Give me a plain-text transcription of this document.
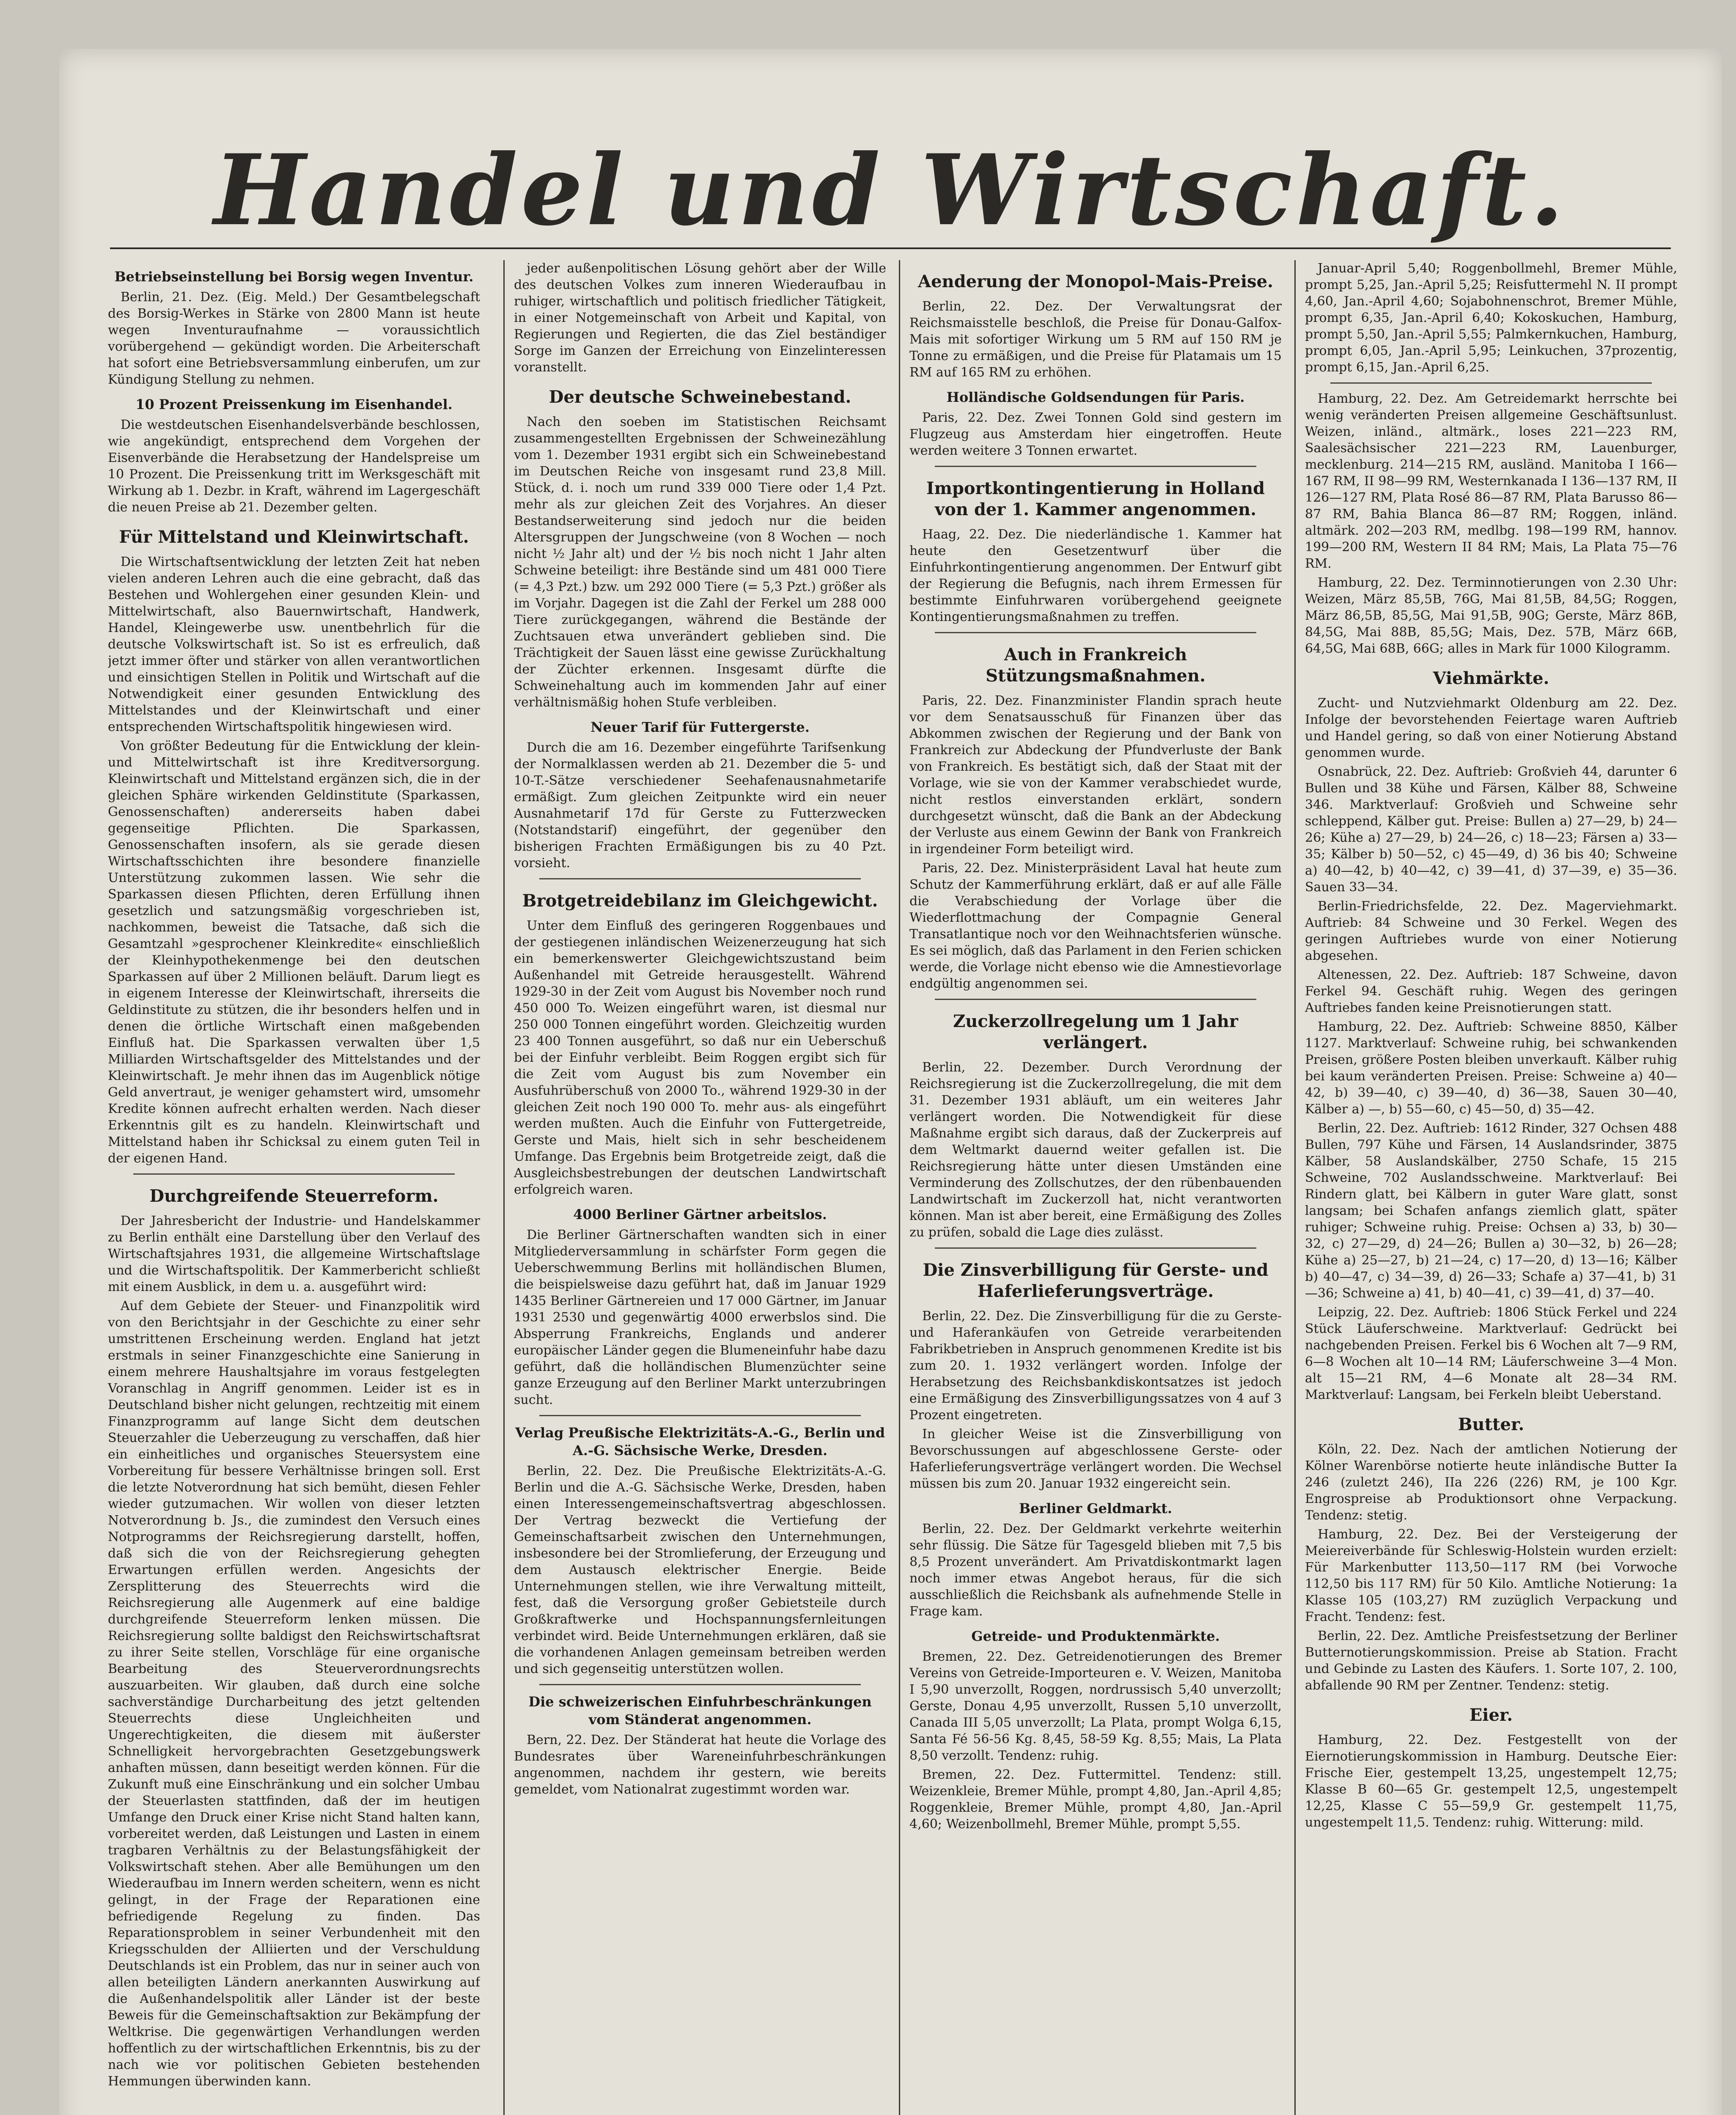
Handel und Wirtschaft.
Betriebseinstellung bei Borsig wegen Inventur.

Berlin, 21. Dez. (Eig. Meld.) Der Gesamtbelegschaft des Borsig-Werkes in Stärke von 2800 Mann ist heute wegen Inventuraufnahme — voraussichtlich vorübergehend — gekündigt worden. Die Arbeiterschaft hat sofort eine Betriebsversammlung einberufen, um zur Kündigung Stellung zu nehmen.

10 Prozent Preissenkung im Eisenhandel.

Die westdeutschen Eisenhandelsverbände beschlossen, wie angekündigt, entsprechend dem Vorgehen der Eisenverbände die Herabsetzung der Handelspreise um 10 Prozent. Die Preissenkung tritt im Werksgeschäft mit Wirkung ab 1. Dezbr. in Kraft, während im Lagergeschäft die neuen Preise ab 21. Dezember gelten.

Für Mittelstand und Kleinwirtschaft.

Die Wirtschaftsentwicklung der letzten Zeit hat neben vielen anderen Lehren auch die eine gebracht, daß das Bestehen und Wohlergehen einer gesunden Klein- und Mittelwirtschaft, also Bauernwirtschaft, Handwerk, Handel, Kleingewerbe usw. unentbehrlich für die deutsche Volkswirtschaft ist. So ist es erfreulich, daß jetzt immer öfter und stärker von allen verantwortlichen und einsichtigen Stellen in Politik und Wirtschaft auf die Notwendigkeit einer gesunden Entwicklung des Mittelstandes und der Kleinwirtschaft und einer entsprechenden Wirtschaftspolitik hingewiesen wird.

Von größter Bedeutung für die Entwicklung der klein- und Mittelwirtschaft ist ihre Kreditversorgung. Kleinwirtschaft und Mittelstand ergänzen sich, die in der gleichen Sphäre wirkenden Geldinstitute (Sparkassen, Genossenschaften) andererseits haben dabei gegenseitige Pflichten. Die Sparkassen, Genossenschaften insofern, als sie gerade diesen Wirtschaftsschichten ihre besondere finanzielle Unterstützung zukommen lassen. Wie sehr die Sparkassen diesen Pflichten, deren Erfüllung ihnen gesetzlich und satzungsmäßig vorgeschrieben ist, nachkommen, beweist die Tatsache, daß sich die Gesamtzahl »gesprochener Kleinkredite« einschließlich der Kleinhypothekenmenge bei den deutschen Sparkassen auf über 2 Millionen beläuft. Darum liegt es in eigenem Interesse der Kleinwirtschaft, ihrerseits die Geldinstitute zu stützen, die ihr besonders helfen und in denen die örtliche Wirtschaft einen maßgebenden Einfluß hat. Die Sparkassen verwalten über 1,5 Milliarden Wirtschaftsgelder des Mittelstandes und der Kleinwirtschaft. Je mehr ihnen das im Augenblick nötige Geld anvertraut, je weniger gehamstert wird, umsomehr Kredite können aufrecht erhalten werden. Nach dieser Erkenntnis gilt es zu handeln. Kleinwirtschaft und Mittelstand haben ihr Schicksal zu einem guten Teil in der eigenen Hand.

Durchgreifende Steuerreform.

Der Jahresbericht der Industrie- und Handelskammer zu Berlin enthält eine Darstellung über den Verlauf des Wirtschaftsjahres 1931, die allgemeine Wirtschaftslage und die Wirtschaftspolitik. Der Kammerbericht schließt mit einem Ausblick, in dem u. a. ausgeführt wird:

Auf dem Gebiete der Steuer- und Finanzpolitik wird von den Berichtsjahr in der Geschichte zu einer sehr umstrittenen Erscheinung werden. England hat jetzt erstmals in seiner Finanzgeschichte eine Sanierung in einem mehrere Haushaltsjahre im voraus festgelegten Voranschlag in Angriff genommen. Leider ist es in Deutschland bisher nicht gelungen, rechtzeitig mit einem Finanzprogramm auf lange Sicht dem deutschen Steuerzahler die Ueberzeugung zu verschaffen, daß hier ein einheitliches und organisches Steuersystem eine Vorbereitung für bessere Verhältnisse bringen soll. Erst die letzte Notverordnung hat sich bemüht, diesen Fehler wieder gutzumachen. Wir wollen von dieser letzten Notverordnung b. Js., die zumindest den Versuch eines Notprogramms der Reichsregierung darstellt, hoffen, daß sich die von der Reichsregierung gehegten Erwartungen erfüllen werden. Angesichts der Zersplitterung des Steuerrechts wird die Reichsregierung alle Augenmerk auf eine baldige durchgreifende Steuerreform lenken müssen. Die Reichsregierung sollte baldigst den Reichswirtschaftsrat zu ihrer Seite stellen, Vorschläge für eine organische Bearbeitung des Steuerverordnungsrechts auszuarbeiten. Wir glauben, daß durch eine solche sachverständige Durcharbeitung des jetzt geltenden Steuerrechts diese Ungleichheiten und Ungerechtigkeiten, die diesem mit äußerster Schnelligkeit hervorgebrachten Gesetzgebungswerk anhaften müssen, dann beseitigt werden können. Für die Zukunft muß eine Einschränkung und ein solcher Umbau der Steuerlasten stattfinden, daß der im heutigen Umfange den Druck einer Krise nicht Stand halten kann, vorbereitet werden, daß Leistungen und Lasten in einem tragbaren Verhältnis zu der Belastungsfähigkeit der Volkswirtschaft stehen. Aber alle Bemühungen um den Wiederaufbau im Innern werden scheitern, wenn es nicht gelingt, in der Frage der Reparationen eine befriedigende Regelung zu finden. Das Reparationsproblem in seiner Verbundenheit mit den Kriegsschulden der Alliierten und der Verschuldung Deutschlands ist ein Problem, das nur in seiner auch von allen beteiligten Ländern anerkannten Auswirkung auf die Außenhandelspolitik aller Länder ist der beste Beweis für die Gemeinschaftsaktion zur Bekämpfung der Weltkrise. Die gegenwärtigen Verhandlungen werden hoffentlich zu der wirtschaftlichen Erkenntnis, bis zu der nach wie vor politischen Gebieten bestehenden Hemmungen überwinden kann.

jeder außenpolitischen Lösung gehört aber der Wille des deutschen Volkes zum inneren Wiederaufbau in ruhiger, wirtschaftlich und politisch friedlicher Tätigkeit, in einer Notgemeinschaft von Arbeit und Kapital, von Regierungen und Regierten, die das Ziel beständiger Sorge im Ganzen der Erreichung von Einzelinteressen voranstellt.

Der deutsche Schweinebestand.

Nach den soeben im Statistischen Reichsamt zusammengestellten Ergebnissen der Schweinezählung vom 1. Dezember 1931 ergibt sich ein Schweinebestand im Deutschen Reiche von insgesamt rund 23,8 Mill. Stück, d. i. noch um rund 339 000 Tiere oder 1,4 Pzt. mehr als zur gleichen Zeit des Vorjahres. An dieser Bestandserweiterung sind jedoch nur die beiden Altersgruppen der Jungschweine (von 8 Wochen — noch nicht ½ Jahr alt) und der ½ bis noch nicht 1 Jahr alten Schweine beteiligt: ihre Bestände sind um 481 000 Tiere (= 4,3 Pzt.) bzw. um 292 000 Tiere (= 5,3 Pzt.) größer als im Vorjahr. Dagegen ist die Zahl der Ferkel um 288 000 Tiere zurückgegangen, während die Bestände der Zuchtsauen etwa unverändert geblieben sind. Die Trächtigkeit der Sauen lässt eine gewisse Zurückhaltung der Züchter erkennen. Insgesamt dürfte die Schweinehaltung auch im kommenden Jahr auf einer verhältnismäßig hohen Stufe verbleiben.

Neuer Tarif für Futtergerste.

Durch die am 16. Dezember eingeführte Tarifsenkung der Normalklassen werden ab 21. Dezember die 5- und 10-T.-Sätze verschiedener Seehafenausnahmetarife ermäßigt. Zum gleichen Zeitpunkte wird ein neuer Ausnahmetarif 17d für Gerste zu Futterzwecken (Notstandstarif) eingeführt, der gegenüber den bisherigen Frachten Ermäßigungen bis zu 40 Pzt. vorsieht.

Brotgetreidebilanz im Gleichgewicht.

Unter dem Einfluß des geringeren Roggenbaues und der gestiegenen inländischen Weizenerzeugung hat sich ein bemerkenswerter Gleichgewichtszustand beim Außenhandel mit Getreide herausgestellt. Während 1929-30 in der Zeit vom August bis November noch rund 450 000 To. Weizen eingeführt waren, ist diesmal nur 250 000 Tonnen eingeführt worden. Gleichzeitig wurden 23 400 Tonnen ausgeführt, so daß nur ein Ueberschuß bei der Einfuhr verbleibt. Beim Roggen ergibt sich für die Zeit vom August bis zum November ein Ausfuhrüberschuß von 2000 To., während 1929-30 in der gleichen Zeit noch 190 000 To. mehr aus- als eingeführt werden mußten. Auch die Einfuhr von Futtergetreide, Gerste und Mais, hielt sich in sehr bescheidenem Umfange. Das Ergebnis beim Brotgetreide zeigt, daß die Ausgleichsbestrebungen der deutschen Landwirtschaft erfolgreich waren.

4000 Berliner Gärtner arbeitslos.

Die Berliner Gärtnerschaften wandten sich in einer Mitgliederversammlung in schärfster Form gegen die Ueberschwemmung Berlins mit holländischen Blumen, die beispielsweise dazu geführt hat, daß im Januar 1929 1435 Berliner Gärtnereien und 17 000 Gärtner, im Januar 1931 2530 und gegenwärtig 4000 erwerbslos sind. Die Absperrung Frankreichs, Englands und anderer europäischer Länder gegen die Blumeneinfuhr habe dazu geführt, daß die holländischen Blumenzüchter seine ganze Erzeugung auf den Berliner Markt unterzubringen sucht.

Verlag Preußische Elektrizitäts-A.-G., Berlin und A.-G. Sächsische Werke, Dresden.

Berlin, 22. Dez. Die Preußische Elektrizitäts-A.-G. Berlin und die A.-G. Sächsische Werke, Dresden, haben einen Interessengemeinschaftsvertrag abgeschlossen. Der Vertrag bezweckt die Vertiefung der Gemeinschaftsarbeit zwischen den Unternehmungen, insbesondere bei der Stromlieferung, der Erzeugung und dem Austausch elektrischer Energie. Beide Unternehmungen stellen, wie ihre Verwaltung mitteilt, fest, daß die Versorgung großer Gebietsteile durch Großkraftwerke und Hochspannungsfernleitungen verbindet wird. Beide Unternehmungen erklären, daß sie die vorhandenen Anlagen gemeinsam betreiben werden und sich gegenseitig unterstützen wollen.

Die schweizerischen Einfuhrbeschränkungen vom Ständerat angenommen.

Bern, 22. Dez. Der Ständerat hat heute die Vorlage des Bundesrates über Wareneinfuhrbeschränkungen angenommen, nachdem ihr gestern, wie bereits gemeldet, vom Nationalrat zugestimmt worden war.

Aenderung der Monopol-Mais-Preise.

Berlin, 22. Dez. Der Verwaltungsrat der Reichsmaisstelle beschloß, die Preise für Donau-Galfox-Mais mit sofortiger Wirkung um 5 RM auf 150 RM je Tonne zu ermäßigen, und die Preise für Platamais um 15 RM auf 165 RM zu erhöhen.

Holländische Goldsendungen für Paris.

Paris, 22. Dez. Zwei Tonnen Gold sind gestern im Flugzeug aus Amsterdam hier eingetroffen. Heute werden weitere 3 Tonnen erwartet.

Importkontingentierung in Holland von der 1. Kammer angenommen.

Haag, 22. Dez. Die niederländische 1. Kammer hat heute den Gesetzentwurf über die Einfuhrkontingentierung angenommen. Der Entwurf gibt der Regierung die Befugnis, nach ihrem Ermessen für bestimmte Einfuhrwaren vorübergehend geeignete Kontingentierungsmaßnahmen zu treffen.

Auch in Frankreich Stützungsmaßnahmen.

Paris, 22. Dez. Finanzminister Flandin sprach heute vor dem Senatsausschuß für Finanzen über das Abkommen zwischen der Regierung und der Bank von Frankreich zur Abdeckung der Pfundverluste der Bank von Frankreich. Es bestätigt sich, daß der Staat mit der Vorlage, wie sie von der Kammer verabschiedet wurde, nicht restlos einverstanden erklärt, sondern durchgesetzt wünscht, daß die Bank an der Abdeckung der Verluste aus einem Gewinn der Bank von Frankreich in irgendeiner Form beteiligt wird.

Paris, 22. Dez. Ministerpräsident Laval hat heute zum Schutz der Kammerführung erklärt, daß er auf alle Fälle die Verabschiedung der Vorlage über die Wiederflottmachung der Compagnie General Transatlantique noch vor den Weihnachtsferien wünsche. Es sei möglich, daß das Parlament in den Ferien schicken werde, die Vorlage nicht ebenso wie die Amnestievorlage endgültig angenommen sei.

Zuckerzollregelung um 1 Jahr verlängert.

Berlin, 22. Dezember. Durch Verordnung der Reichsregierung ist die Zuckerzollregelung, die mit dem 31. Dezember 1931 abläuft, um ein weiteres Jahr verlängert worden. Die Notwendigkeit für diese Maßnahme ergibt sich daraus, daß der Zuckerpreis auf dem Weltmarkt dauernd weiter gefallen ist. Die Reichsregierung hätte unter diesen Umständen eine Verminderung des Zollschutzes, der den rübenbauenden Landwirtschaft im Zuckerzoll hat, nicht verantworten können. Man ist aber bereit, eine Ermäßigung des Zolles zu prüfen, sobald die Lage dies zulässt.

Die Zinsverbilligung für Gerste- und Haferlieferungsverträge.

Berlin, 22. Dez. Die Zinsverbilligung für die zu Gerste- und Haferankäufen von Getreide verarbeitenden Fabrikbetrieben in Anspruch genommenen Kredite ist bis zum 20. 1. 1932 verlängert worden. Infolge der Herabsetzung des Reichsbankdiskontsatzes ist jedoch eine Ermäßigung des Zinsverbilligungssatzes von 4 auf 3 Prozent eingetreten.

In gleicher Weise ist die Zinsverbilligung von Bevorschussungen auf abgeschlossene Gerste- oder Haferlieferungsverträge verlängert worden. Die Wechsel müssen bis zum 20. Januar 1932 eingereicht sein.

Berliner Geldmarkt.

Berlin, 22. Dez. Der Geldmarkt verkehrte weiterhin sehr flüssig. Die Sätze für Tagesgeld blieben mit 7,5 bis 8,5 Prozent unverändert. Am Privatdiskontmarkt lagen noch immer etwas Angebot heraus, für die sich ausschließlich die Reichsbank als aufnehmende Stelle in Frage kam.

Getreide- und Produktenmärkte.

Bremen, 22. Dez. Getreidenotierungen des Bremer Vereins von Getreide-Importeuren e. V. Weizen, Manitoba I 5,90 unverzollt, Roggen, nordrussisch 5,40 unverzollt; Gerste, Donau 4,95 unverzollt, Russen 5,10 unverzollt, Canada III 5,05 unverzollt; La Plata, prompt Wolga 6,15, Santa Fé 56-56 Kg. 8,45, 58-59 Kg. 8,55; Mais, La Plata 8,50 verzollt. Tendenz: ruhig.

Bremen, 22. Dez. Futtermittel. Tendenz: still. Weizenkleie, Bremer Mühle, prompt 4,80, Jan.-April 4,85; Roggenkleie, Bremer Mühle, prompt 4,80, Jan.-April 4,60; Weizenbollmehl, Bremer Mühle, prompt 5,55.

Januar-April 5,40; Roggenbollmehl, Bremer Mühle, prompt 5,25, Jan.-April 5,25; Reisfuttermehl N. II prompt 4,60, Jan.-April 4,60; Sojabohnenschrot, Bremer Mühle, prompt 6,35, Jan.-April 6,40; Kokoskuchen, Hamburg, prompt 5,50, Jan.-April 5,55; Palmkernkuchen, Hamburg, prompt 6,05, Jan.-April 5,95; Leinkuchen, 37prozentig, prompt 6,15, Jan.-April 6,25.

Hamburg, 22. Dez. Am Getreidemarkt herrschte bei wenig veränderten Preisen allgemeine Geschäftsunlust. Weizen, inländ., altmärk., loses 221—223 RM, Saalesächsischer 221—223 RM, Lauenburger, mecklenburg. 214—215 RM, ausländ. Manitoba I 166—167 RM, II 98—99 RM, Westernkanada I 136—137 RM, II 126—127 RM, Plata Rosé 86—87 RM, Plata Barusso 86—87 RM, Bahia Blanca 86—87 RM; Roggen, inländ. altmärk. 202—203 RM, medlbg. 198—199 RM, hannov. 199—200 RM, Western II 84 RM; Mais, La Plata 75—76 RM.

Hamburg, 22. Dez. Terminnotierungen von 2.30 Uhr: Weizen, März 85,5B, 76G, Mai 81,5B, 84,5G; Roggen, März 86,5B, 85,5G, Mai 91,5B, 90G; Gerste, März 86B, 84,5G, Mai 88B, 85,5G; Mais, Dez. 57B, März 66B, 64,5G, Mai 68B, 66G; alles in Mark für 1000 Kilogramm.

Viehmärkte.

Zucht- und Nutzviehmarkt Oldenburg am 22. Dez. Infolge der bevorstehenden Feiertage waren Auftrieb und Handel gering, so daß von einer Notierung Abstand genommen wurde.

Osnabrück, 22. Dez. Auftrieb: Großvieh 44, darunter 6 Bullen und 38 Kühe und Färsen, Kälber 88, Schweine 346. Marktverlauf: Großvieh und Schweine sehr schleppend, Kälber gut. Preise: Bullen a) 27—29, b) 24—26; Kühe a) 27—29, b) 24—26, c) 18—23; Färsen a) 33—35; Kälber b) 50—52, c) 45—49, d) 36 bis 40; Schweine a) 40—42, b) 40—42, c) 39—41, d) 37—39, e) 35—36. Sauen 33—34.

Berlin-Friedrichsfelde, 22. Dez. Magerviehmarkt. Auftrieb: 84 Schweine und 30 Ferkel. Wegen des geringen Auftriebes wurde von einer Notierung abgesehen.

Altenessen, 22. Dez. Auftrieb: 187 Schweine, davon Ferkel 94. Geschäft ruhig. Wegen des geringen Auftriebes fanden keine Preisnotierungen statt.

Hamburg, 22. Dez. Auftrieb: Schweine 8850, Kälber 1127. Marktverlauf: Schweine ruhig, bei schwankenden Preisen, größere Posten bleiben unverkauft. Kälber ruhig bei kaum veränderten Preisen. Preise: Schweine a) 40—42, b) 39—40, c) 39—40, d) 36—38, Sauen 30—40, Kälber a) —, b) 55—60, c) 45—50, d) 35—42.

Berlin, 22. Dez. Auftrieb: 1612 Rinder, 327 Ochsen 488 Bullen, 797 Kühe und Färsen, 14 Auslandsrinder, 3875 Kälber, 58 Auslandskälber, 2750 Schafe, 15 215 Schweine, 702 Auslandsschweine. Marktverlauf: Bei Rindern glatt, bei Kälbern in guter Ware glatt, sonst langsam; bei Schafen anfangs ziemlich glatt, später ruhiger; Schweine ruhig. Preise: Ochsen a) 33, b) 30—32, c) 27—29, d) 24—26; Bullen a) 30—32, b) 26—28; Kühe a) 25—27, b) 21—24, c) 17—20, d) 13—16; Kälber b) 40—47, c) 34—39, d) 26—33; Schafe a) 37—41, b) 31—36; Schweine a) 41, b) 40—41, c) 39—41, d) 37—40.

Leipzig, 22. Dez. Auftrieb: 1806 Stück Ferkel und 224 Stück Läuferschweine. Marktverlauf: Gedrückt bei nachgebenden Preisen. Ferkel bis 6 Wochen alt 7—9 RM, 6—8 Wochen alt 10—14 RM; Läuferschweine 3—4 Mon. alt 15—21 RM, 4—6 Monate alt 28—34 RM. Marktverlauf: Langsam, bei Ferkeln bleibt Ueberstand.

Butter.

Köln, 22. Dez. Nach der amtlichen Notierung der Kölner Warenbörse notierte heute inländische Butter Ia 246 (zuletzt 246), IIa 226 (226) RM, je 100 Kgr. Engrospreise ab Produktionsort ohne Verpackung. Tendenz: stetig.

Hamburg, 22. Dez. Bei der Versteigerung der Meiereiverbände für Schleswig-Holstein wurden erzielt: Für Markenbutter 113,50—117 RM (bei Vorwoche 112,50 bis 117 RM) für 50 Kilo. Amtliche Notierung: 1a Klasse 105 (103,27) RM zuzüglich Verpackung und Fracht. Tendenz: fest.

Berlin, 22. Dez. Amtliche Preisfestsetzung der Berliner Butternotierungskommission. Preise ab Station. Fracht und Gebinde zu Lasten des Käufers. 1. Sorte 107, 2. 100, abfallende 90 RM per Zentner. Tendenz: stetig.

Eier.

Hamburg, 22. Dez. Festgestellt von der Eiernotierungskommission in Hamburg. Deutsche Eier: Frische Eier, gestempelt 13,25, ungestempelt 12,75; Klasse B 60—65 Gr. gestempelt 12,5, ungestempelt 12,25, Klasse C 55—59,9 Gr. gestempelt 11,75, ungestempelt 11,5. Tendenz: ruhig. Witterung: mild.
